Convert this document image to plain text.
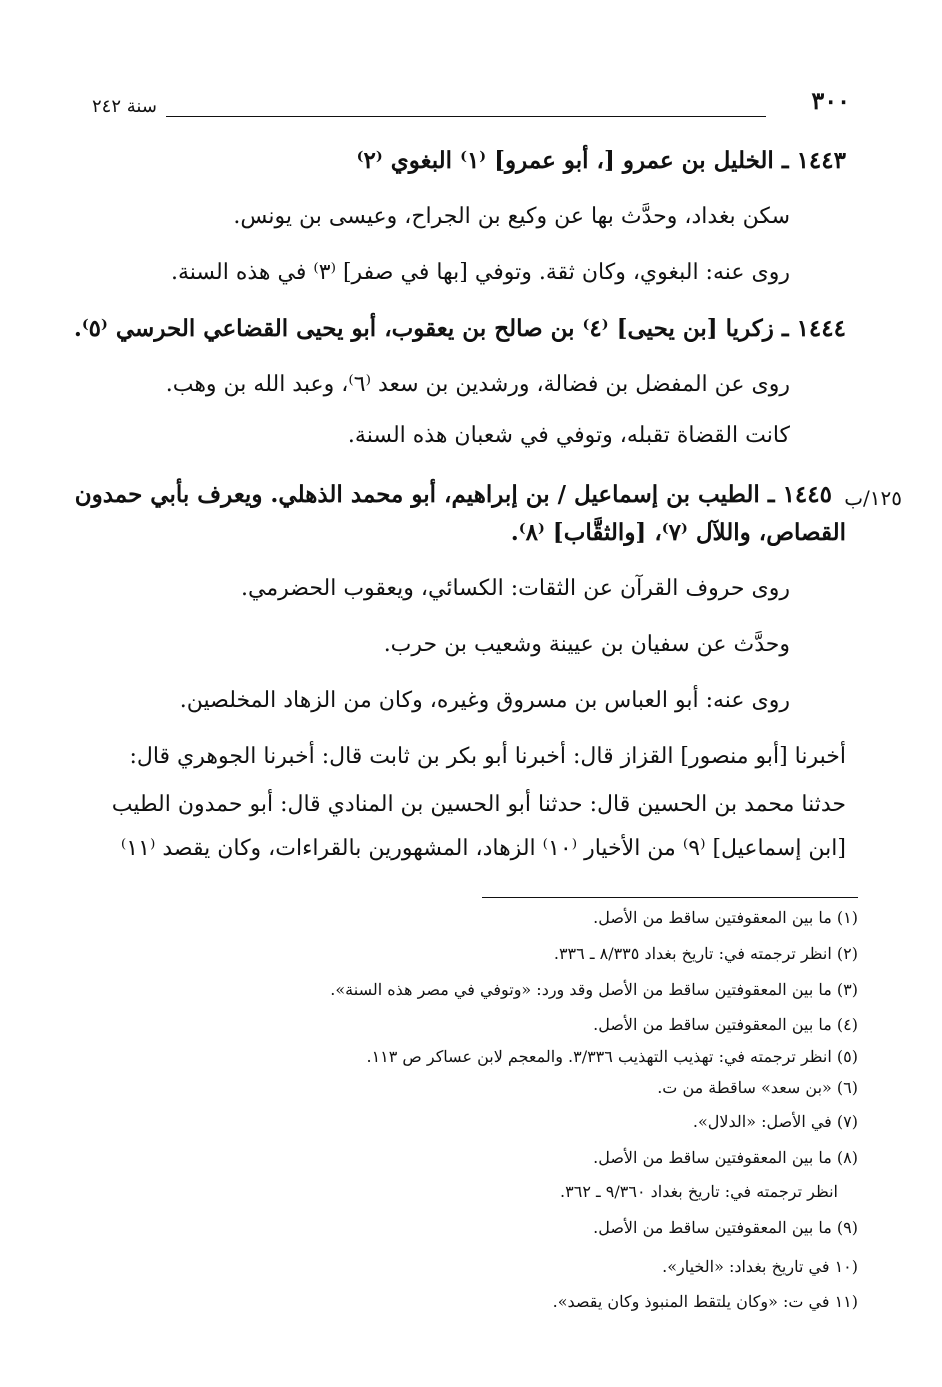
٣٠٠
سنة ٢٤٢
١٤٤٣ ـ الخليل بن عمرو [، أبو عمرو] ⁽١⁾ البغوي ⁽٢⁾
سكن بغداد، وحدَّث بها عن وكيع بن الجراح، وعيسى بن يونس.
روى عنه: البغوي، وكان ثقة. وتوفي [بها في صفر] ⁽٣⁾ في هذه السنة.
١٤٤٤ ـ زكريا [بن يحيى] ⁽٤⁾ بن صالح بن يعقوب، أبو يحيى القضاعي الحرسي ⁽٥⁾.
روى عن المفضل بن فضالة، ورشدين بن سعد ⁽٦⁾، وعبد الله بن وهب.
كانت القضاة تقبله، وتوفي في شعبان هذه السنة.
١٢٥/ب
١٤٤٥ ـ الطيب بن إسماعيل / بن إبراهيم، أبو محمد الذهلي. ويعرف بأبي حمدون
القصاص، واللآل ⁽٧⁾، [والثقَّاب] ⁽٨⁾.
روى حروف القرآن عن الثقات: الكسائي، ويعقوب الحضرمي.
وحدَّث عن سفيان بن عيينة وشعيب بن حرب.
روى عنه: أبو العباس بن مسروق وغيره، وكان من الزهاد المخلصين.
أخبرنا [أبو منصور] القزاز قال: أخبرنا أبو بكر بن ثابت قال: أخبرنا الجوهري قال:
حدثنا محمد بن الحسين قال: حدثنا أبو الحسين بن المنادي قال: أبو حمدون الطيب
[ابن إسماعيل] ⁽٩⁾ من الأخيار ⁽١٠⁾ الزهاد، المشهورين بالقراءات، وكان يقصد ⁽١١⁾
(١) ما بين المعقوفتين ساقط من الأصل.
(٢) انظر ترجمته في: تاريخ بغداد ٨/٣٣٥ ـ ٣٣٦.
(٣) ما بين المعقوفتين ساقط من الأصل وقد ورد: «وتوفي في مصر هذه السنة».
(٤) ما بين المعقوفتين ساقط من الأصل.
(٥) انظر ترجمته في: تهذيب التهذيب ٣/٣٣٦. والمعجم لابن عساكر ص ١١٣.
(٦) «بن سعد» ساقطة من ت.
(٧) في الأصل: «الدلال».
(٨) ما بين المعقوفتين ساقط من الأصل.
انظر ترجمته في: تاريخ بغداد ٩/٣٦٠ ـ ٣٦٢.
(٩) ما بين المعقوفتين ساقط من الأصل.
(١٠ في تاريخ بغداد: «الخيار».
(١١ في ت: «وكان يلتقط المنبوذ وكان يقصد».
